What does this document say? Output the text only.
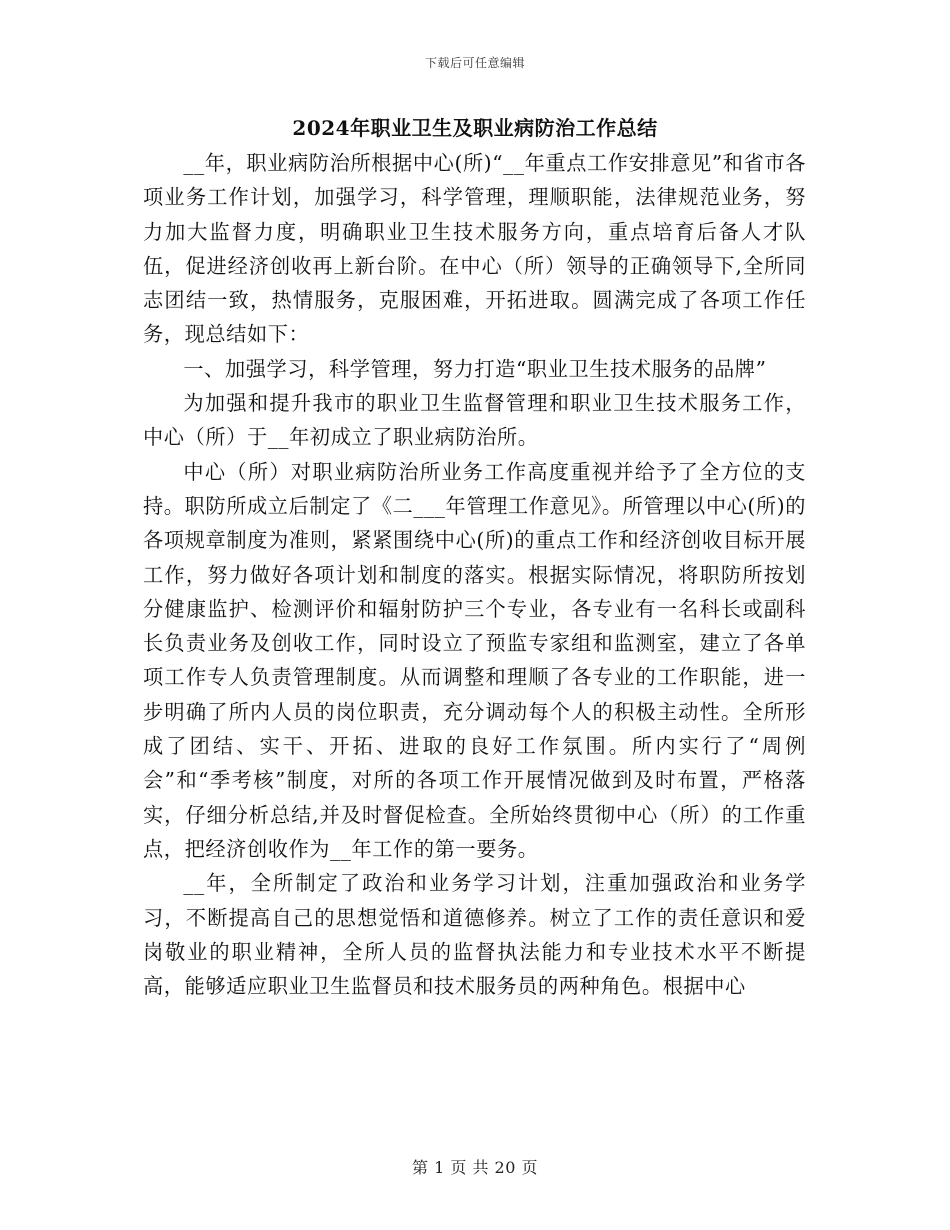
下载后可任意编辑
2024年职业卫生及职业病防治工作总结

__年，职业病防治所根据中心(所)“__年重点工作安排意见”和省市各项业务工作计划，加强学习，科学管理，理顺职能，法律规范业务，努力加大监督力度，明确职业卫生技术服务方向，重点培育后备人才队伍，促进经济创收再上新台阶。在中心（所）领导的正确领导下,全所同志团结一致，热情服务，克服困难，开拓进取。圆满完成了各项工作任务，现总结如下：

一、加强学习，科学管理，努力打造“职业卫生技术服务的品牌”

为加强和提升我市的职业卫生监督管理和职业卫生技术服务工作，中心（所）于__年初成立了职业病防治所。

中心（所）对职业病防治所业务工作高度重视并给予了全方位的支持。职防所成立后制定了《二___年管理工作意见》。所管理以中心(所)的各项规章制度为准则，紧紧围绕中心(所)的重点工作和经济创收目标开展工作，努力做好各项计划和制度的落实。根据实际情况，将职防所按划分健康监护、检测评价和辐射防护三个专业，各专业有一名科长或副科长负责业务及创收工作，同时设立了预监专家组和监测室，建立了各单项工作专人负责管理制度。从而调整和理顺了各专业的工作职能，进一步明确了所内人员的岗位职责，充分调动每个人的积极主动性。全所形成了团结、实干、开拓、进取的良好工作氛围。所内实行了“周例会”和“季考核”制度，对所的各项工作开展情况做到及时布置，严格落实，仔细分析总结,并及时督促检查。全所始终贯彻中心（所）的工作重点，把经济创收作为__年工作的第一要务。

__年，全所制定了政治和业务学习计划，注重加强政治和业务学习，不断提高自己的思想觉悟和道德修养。树立了工作的责任意识和爱岗敬业的职业精神，全所人员的监督执法能力和专业技术水平不断提高，能够适应职业卫生监督员和技术服务员的两种角色。根据中心

第 1 页 共 20 页
